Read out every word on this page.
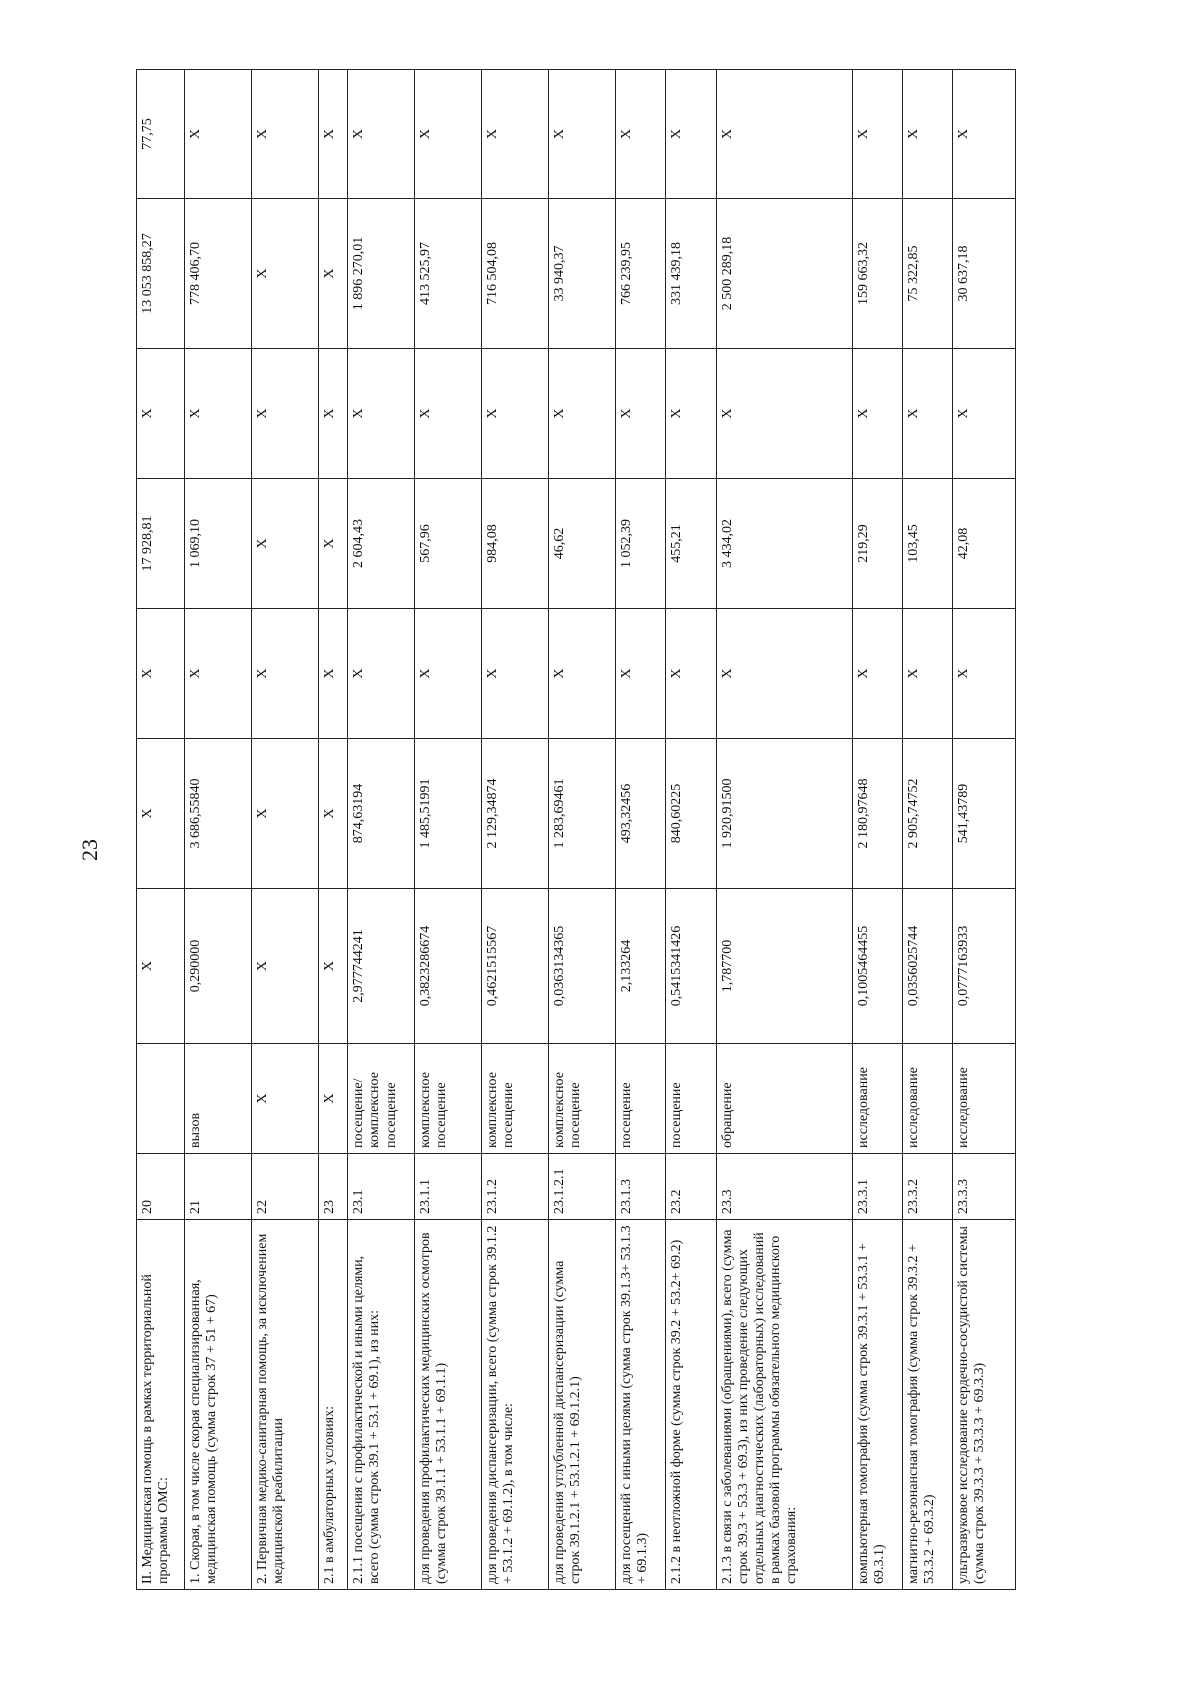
23
II. Медицинская помощь в рамках территориальной программы ОМС:	20		X	X	X	17 928,81	X	13 053 858,27	77,75
1. Скорая, в том числе скорая специализированная, медицинская помощь (сумма строк 37 + 51 + 67)	21	вызов	0,290000	3 686,55840	X	1 069,10	X	778 406,70	X
2. Первичная медико-санитарная помощь, за исключением медицинской реабилитации	22	X	X	X	X	X	X	X	X
2.1 в амбулаторных условиях:	23	X	X	X	X	X	X	X	X
2.1.1 посещения с профилактической и иными целями, всего (сумма строк 39.1 + 53.1 + 69.1), из них:	23.1	посещение/ комплексное посещение	2,977744241	874,63194	X	2 604,43	X	1 896 270,01	X
для проведения профилактических медицинских осмотров (сумма строк 39.1.1 + 53.1.1 + 69.1.1)	23.1.1	комплексное посещение	0,3823286674	1 485,51991	X	567,96	X	413 525,97	X
для проведения диспансеризации, всего (сумма строк 39.1.2 + 53.1.2 + 69.1.2), в том числе:	23.1.2	комплексное посещение	0,4621515567	2 129,34874	X	984,08	X	716 504,08	X
для проведения углубленной диспансеризации (сумма строк 39.1.2.1 + 53.1.2.1 + 69.1.2.1)	23.1.2.1	комплексное посещение	0,0363134365	1 283,69461	X	46,62	X	33 940,37	X
для посещений с иными целями (сумма строк 39.1.3+ 53.1.3 + 69.1.3)	23.1.3	посещение	2,133264	493,32456	X	1 052,39	X	766 239,95	X
2.1.2 в неотложной форме (сумма строк 39.2 + 53.2+ 69.2)	23.2	посещение	0,5415341426	840,60225	X	455,21	X	331 439,18	X
2.1.3 в связи с заболеваниями (обращениями), всего (сумма строк 39.3 + 53.3 + 69.3), из них проведение следующих отдельных диагностических (лабораторных) исследований в рамках базовой программы обязательного медицинского страхования:	23.3	обращение	1,787700	1 920,91500	X	3 434,02	X	2 500 289,18	X
компьютерная томография (сумма строк 39.3.1 + 53.3.1 + 69.3.1)	23.3.1	исследование	0,1005464455	2 180,97648	X	219,29	X	159 663,32	X
магнитно-резонансная томография (сумма строк 39.3.2 + 53.3.2 + 69.3.2)	23.3.2	исследование	0,0356025744	2 905,74752	X	103,45	X	75 322,85	X
ультразвуковое исследование сердечно-сосудистой системы (сумма строк 39.3.3 + 53.3.3 + 69.3.3)	23.3.3	исследование	0,0777163933	541,43789	X	42,08	X	30 637,18	X
